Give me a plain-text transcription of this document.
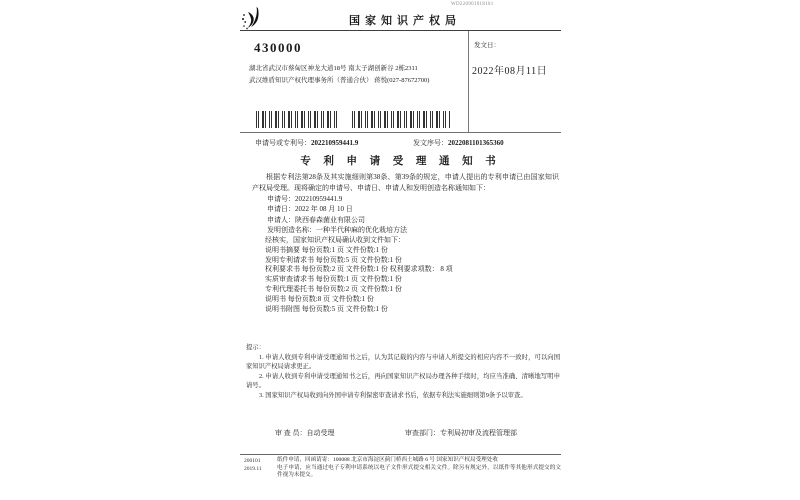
国家知识产权局
WD220901018101
发文日：
2022年08月11日
430000
湖北省武汉市蔡甸区神龙大道18号 南太子湖创新谷 2栋2311
武汉维盾知识产权代理事务所（普通合伙） 蒋悦(027-87672700)
申请号或专利号：202210959441.9	发文序号：2022081101365360
专 利 申 请 受 理 通 知 书
根据专利法第28条及其实施细则第38条、第39条的规定，申请人提出的专利申请已由国家知识产权局受理。现将确定的申请号、申请日、申请人和发明创造名称通知如下：
申请号：202210959441.9
申请日：2022 年 08 月 10 日
申请人：陕西春森菌业有限公司
发明创造名称：一种半代种麻的优化栽培方法
经核实，国家知识产权局确认收到文件如下：
说明书摘要 每份页数:1 页 文件份数:1 份
发明专利请求书 每份页数:5 页 文件份数:1 份
权利要求书 每份页数:2 页 文件份数:1 份 权利要求项数： 8 项
实质审查请求书 每份页数:1 页 文件份数:1 份
专利代理委托书 每份页数:2 页 文件份数:1 份
说明书 每份页数:8 页 文件份数:1 份
说明书附图 每份页数:5 页 文件份数:1 份

提示：

1. 申请人收到专利申请受理通知书之后，认为其记载的内容与申请人所提交的相应内容不一致时，可以向国家知识产权局请求更正。

2. 申请人收到专利申请受理通知书之后，再向国家知识产权局办理各种手续时，均应当准确、清晰地写明申请号。

3. 国家知识产权局收到向外国申请专利保密审查请求书后，依据专利法实施细则第9条予以审查。

审 查 员：自动受理	审查部门：专利局初审及流程管理部
200101
2019.11
纸件申请，回函请寄：100088 北京市海淀区蓟门桥西土城路 6 号 国家知识产权局受理处收
电子申请，应当通过电子专利申请系统以电子文件形式提交相关文件。除另有规定外，以纸件等其他形式提交的文件视为未提交。
